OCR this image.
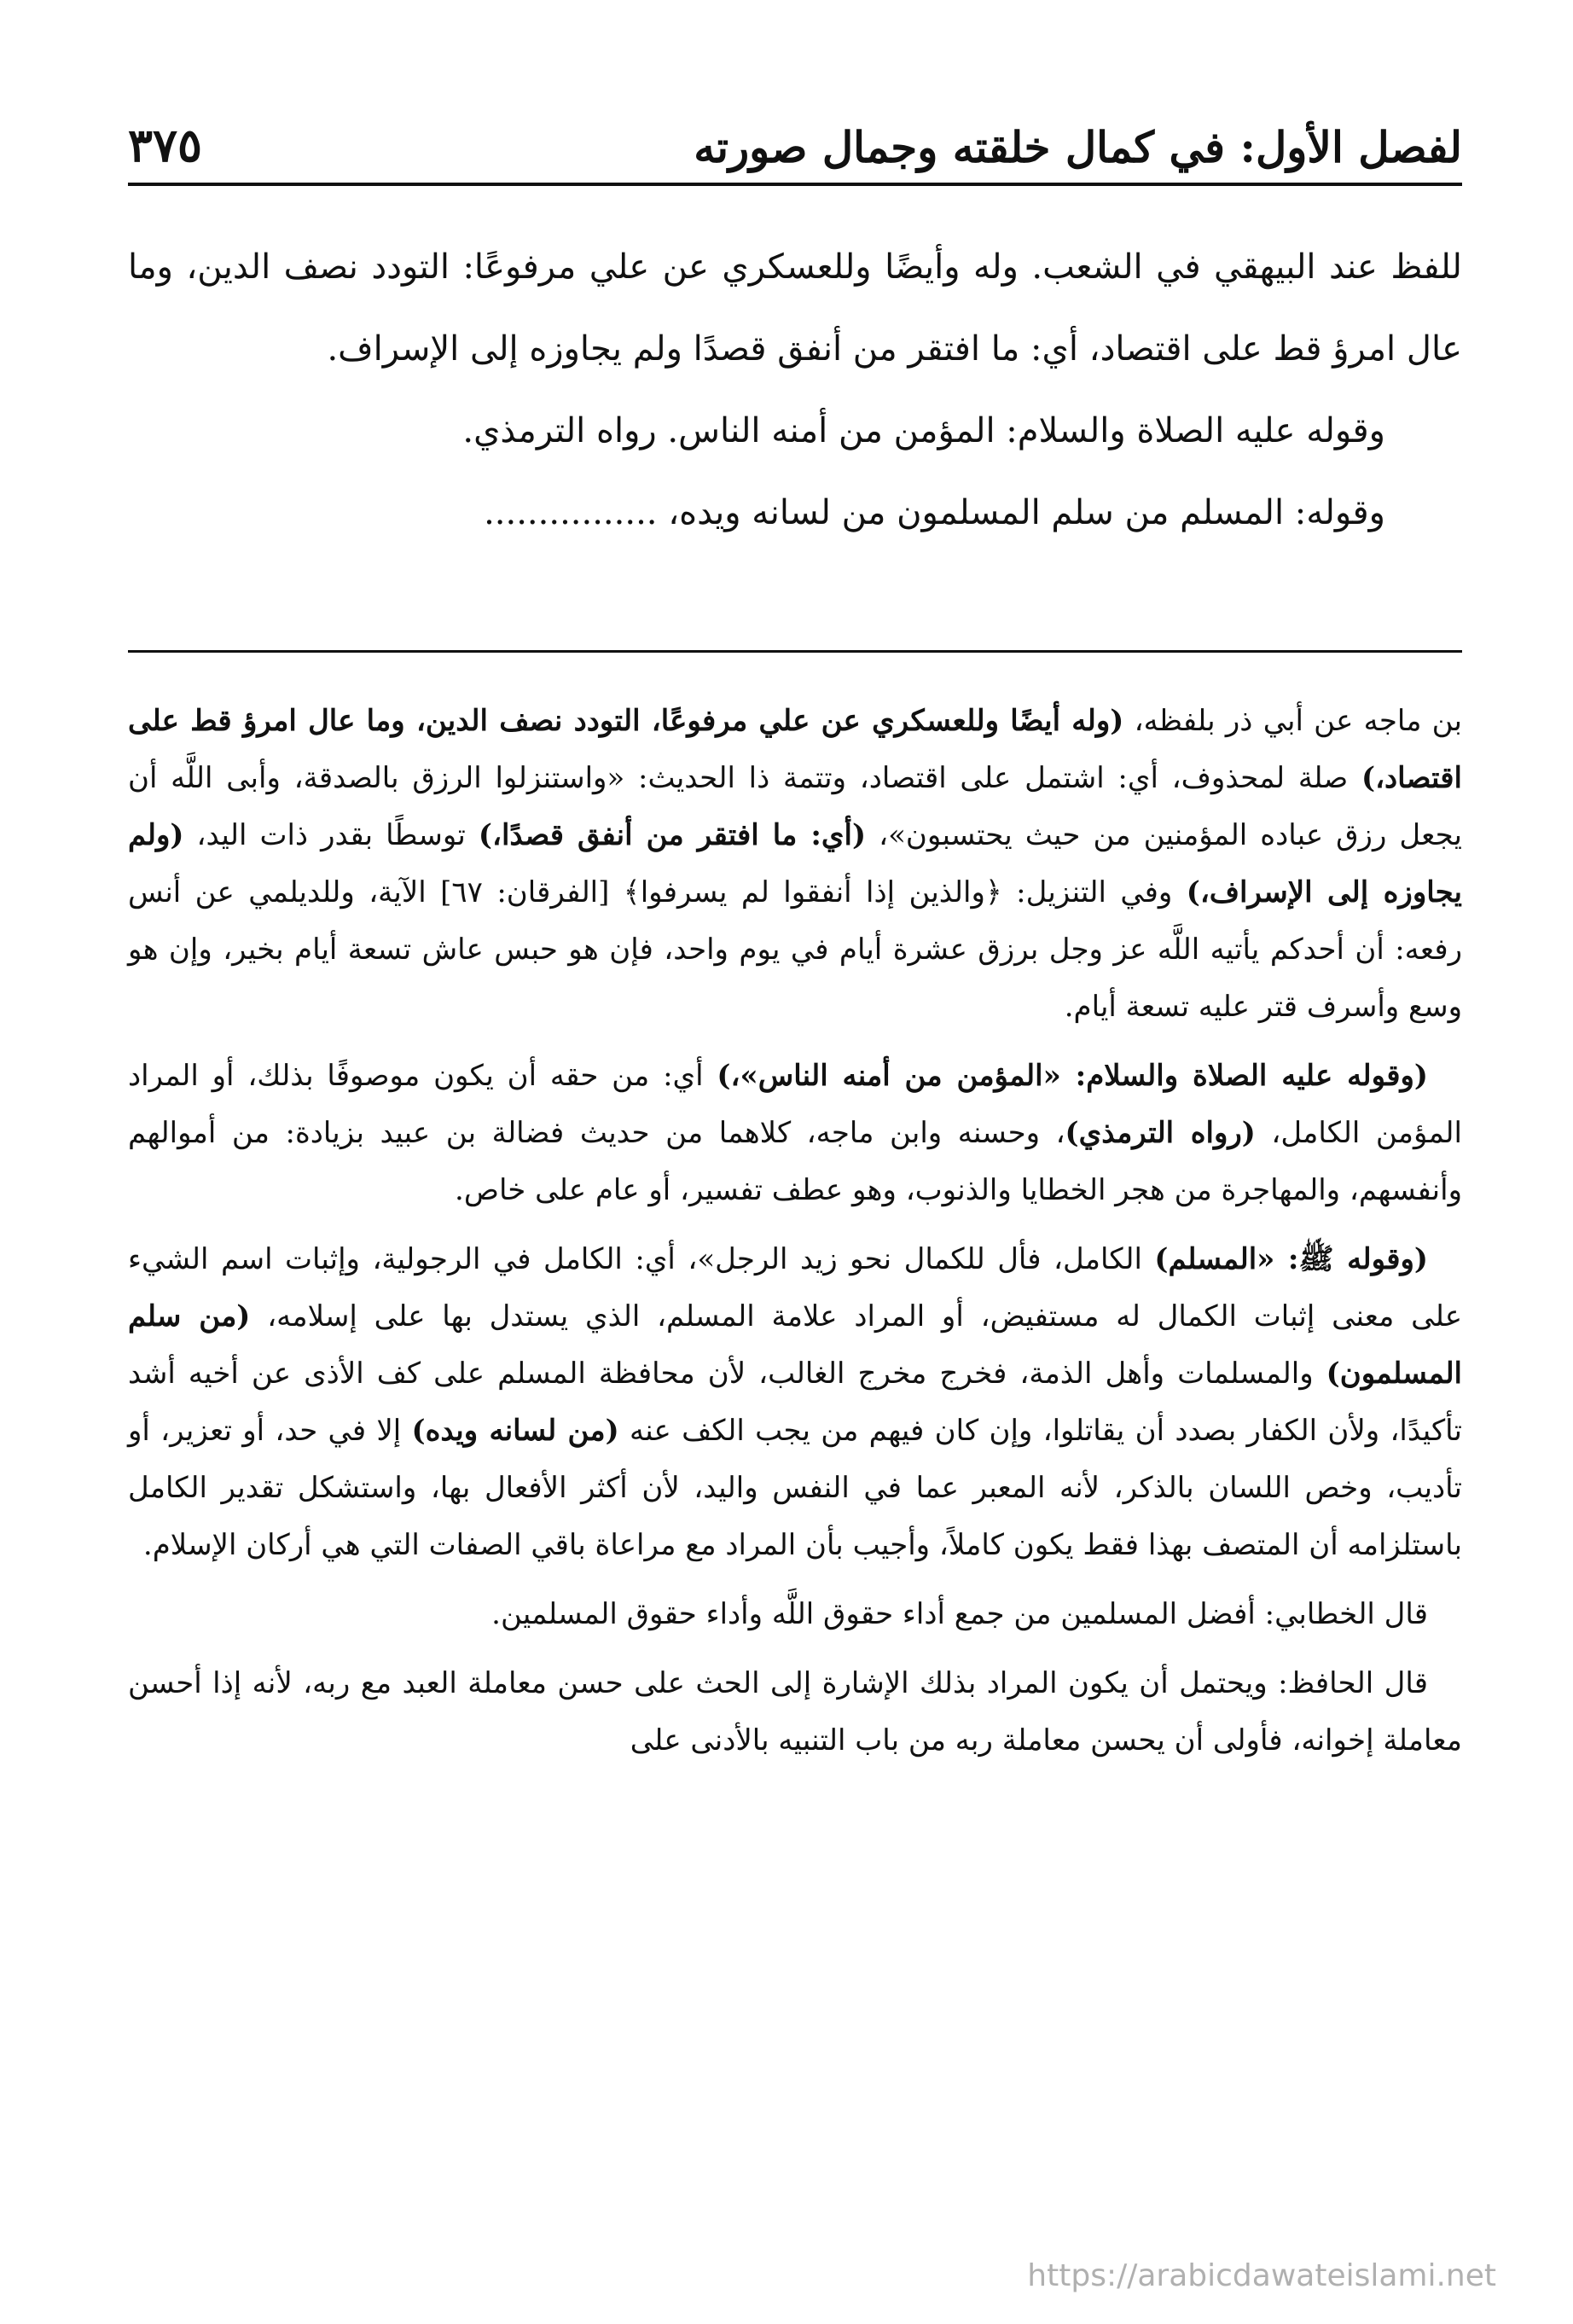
لفصل الأول: في كمال خلقته وجمال صورته
٣٧٥

للفظ عند البيهقي في الشعب. وله وأيضًا وللعسكري عن علي مرفوعًا: التودد نصف الدين، وما عال امرؤ قط على اقتصاد، أي: ما افتقر من أنفق قصدًا ولم يجاوزه إلى الإسراف.

وقوله عليه الصلاة والسلام: المؤمن من أمنه الناس. رواه الترمذي.

وقوله: المسلم من سلم المسلمون من لسانه ويده، ................

بن ماجه عن أبي ذر بلفظه، (وله أيضًا وللعسكري عن علي مرفوعًا، التودد نصف الدين، وما عال امرؤ قط على اقتصاد،) صلة لمحذوف، أي: اشتمل على اقتصاد، وتتمة ذا الحديث: «واستنزلوا الرزق بالصدقة، وأبى اللَّه أن يجعل رزق عباده المؤمنين من حيث يحتسبون»، (أي: ما افتقر من أنفق قصدًا،) توسطًا بقدر ذات اليد، (ولم يجاوزه إلى الإسراف،) وفي التنزيل: ﴿والذين إذا أنفقوا لم يسرفوا﴾ [الفرقان: ٦٧] الآية، وللديلمي عن أنس رفعه: أن أحدكم يأتيه اللَّه عز وجل برزق عشرة أيام في يوم واحد، فإن هو حبس عاش تسعة أيام بخير، وإن هو وسع وأسرف قتر عليه تسعة أيام.

(وقوله عليه الصلاة والسلام: «المؤمن من أمنه الناس»،) أي: من حقه أن يكون موصوفًا بذلك، أو المراد المؤمن الكامل، (رواه الترمذي)، وحسنه وابن ماجه، كلاهما من حديث فضالة بن عبيد بزيادة: من أموالهم وأنفسهم، والمهاجرة من هجر الخطايا والذنوب، وهو عطف تفسير، أو عام على خاص.

(وقوله ﷺ: «المسلم) الكامل، فأل للكمال نحو زيد الرجل»، أي: الكامل في الرجولية، وإثبات اسم الشيء على معنى إثبات الكمال له مستفيض، أو المراد علامة المسلم، الذي يستدل بها على إسلامه، (من سلم المسلمون) والمسلمات وأهل الذمة، فخرج مخرج الغالب، لأن محافظة المسلم على كف الأذى عن أخيه أشد تأكيدًا، ولأن الكفار بصدد أن يقاتلوا، وإن كان فيهم من يجب الكف عنه (من لسانه ويده) إلا في حد، أو تعزير، أو تأديب، وخص اللسان بالذكر، لأنه المعبر عما في النفس واليد، لأن أكثر الأفعال بها، واستشكل تقدير الكامل باستلزامه أن المتصف بهذا فقط يكون كاملاً، وأجيب بأن المراد مع مراعاة باقي الصفات التي هي أركان الإسلام.

قال الخطابي: أفضل المسلمين من جمع أداء حقوق اللَّه وأداء حقوق المسلمين.

قال الحافظ: ويحتمل أن يكون المراد بذلك الإشارة إلى الحث على حسن معاملة العبد مع ربه، لأنه إذا أحسن معاملة إخوانه، فأولى أن يحسن معاملة ربه من باب التنبيه بالأدنى على

https://arabicdawateislami.net
